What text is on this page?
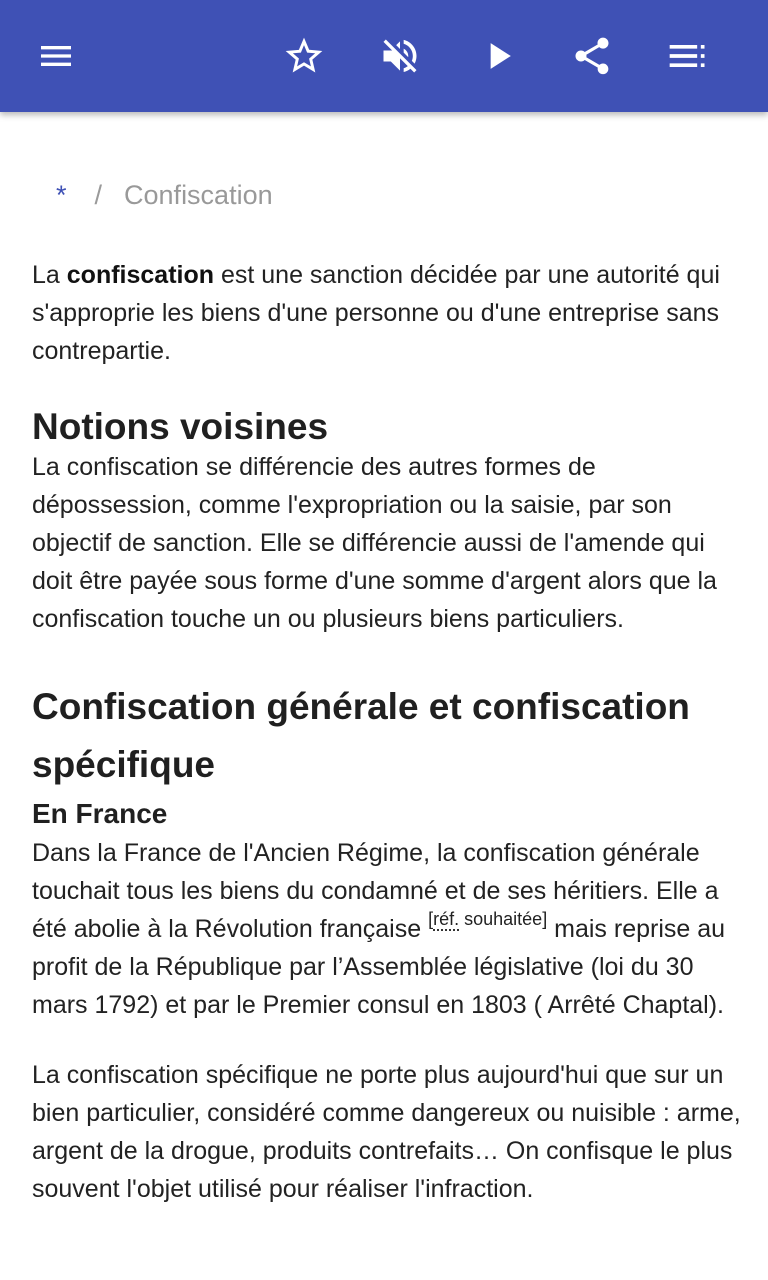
* / Confiscation

La confiscation est une sanction décidée par une autorité qui s'approprie les biens d'une personne ou d'une entreprise sans contrepartie.

Notions voisines

La confiscation se différencie des autres formes de dépossession, comme l'expropriation ou la saisie, par son objectif de sanction. Elle se différencie aussi de l'amende qui doit être payée sous forme d'une somme d'argent alors que la confiscation touche un ou plusieurs biens particuliers.

Confiscation générale et confiscation spécifique
En France

Dans la France de l'Ancien Régime, la confiscation générale touchait tous les biens du condamné et de ses héritiers. Elle a été abolie à la Révolution française [réf. souhaitée] mais reprise au profit de la République par l’Assemblée législative (loi du 30 mars 1792) et par le Premier consul en 1803 ( Arrêté Chaptal).

La confiscation spécifique ne porte plus aujourd'hui que sur un bien particulier, considéré comme dangereux ou nuisible : arme, argent de la drogue, produits contrefaits… On confisque le plus souvent l'objet utilisé pour réaliser l'infraction.
